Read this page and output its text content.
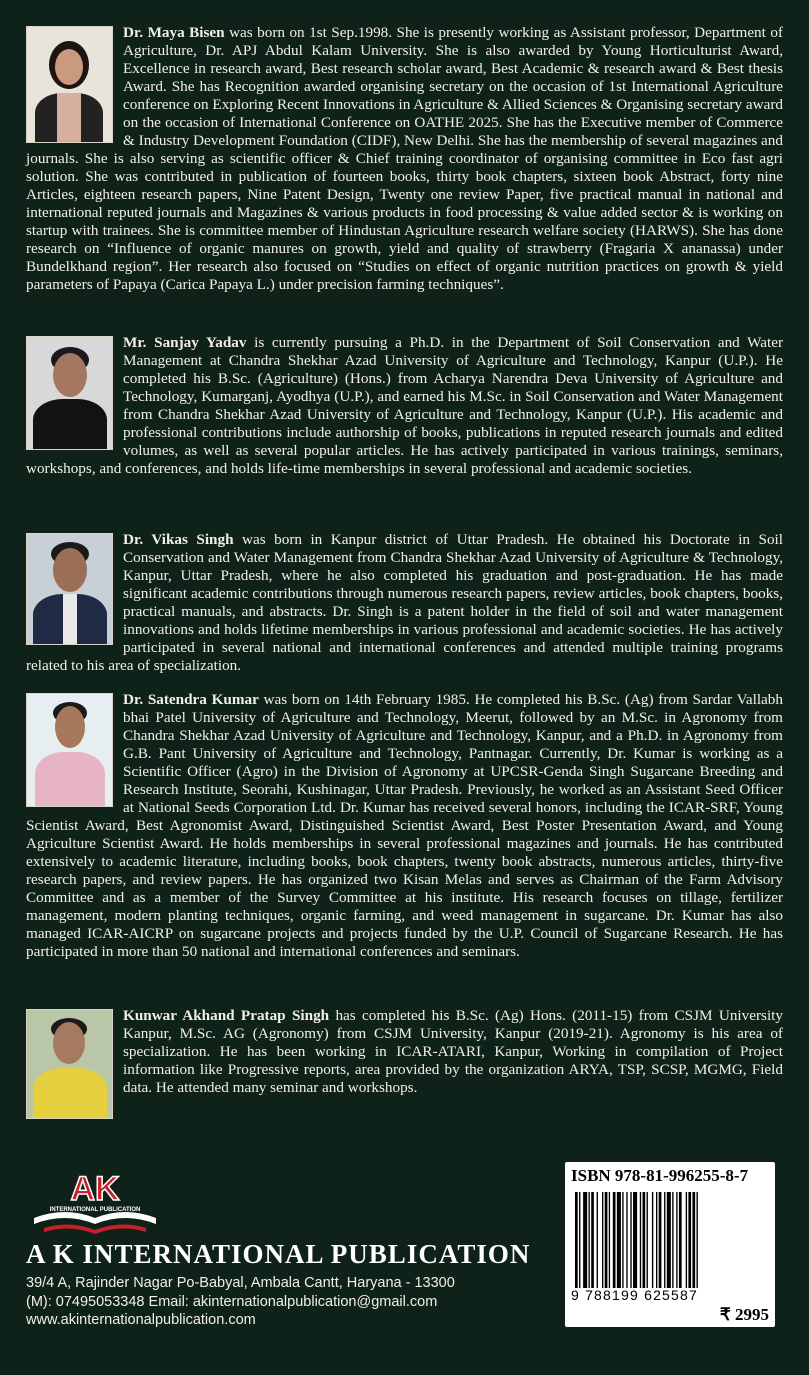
Dr. Maya Bisen was born on 1st Sep.1998. She is presently working as Assistant professor, Department of Agriculture, Dr. APJ Abdul Kalam University. She is also awarded by Young Horticulturist Award, Excellence in research award, Best research scholar award, Best Academic & research award & Best thesis Award. She has Recognition awarded organising secretary on the occasion of 1st International Agriculture conference on Exploring Recent Innovations in Agriculture & Allied Sciences & Organising secretary award on the occasion of International Conference on OATHE 2025. She has the Executive member of Commerce & Industry Development Foundation (CIDF), New Delhi. She has the membership of several magazines and journals. She is also serving as scientific officer & Chief training coordinator of organising committee in Eco fast agri solution. She was contributed in publication of fourteen books, thirty book chapters, sixteen book Abstract, forty nine Articles, eighteen research papers, Nine Patent Design, Twenty one review Paper, five practical manual in national and international reputed journals and Magazines & various products in food processing & value added sector & is working on startup with trainees. She is committee member of Hindustan Agriculture research welfare society (HARWS). She has done research on “Influence of organic manures on growth, yield and quality of strawberry (Fragaria X ananassa) under Bundelkhand region”. Her research also focused on “Studies on effect of organic nutrition practices on growth & yield parameters of Papaya (Carica Papaya L.) under precision farming techniques”.
Mr. Sanjay Yadav is currently pursuing a Ph.D. in the Department of Soil Conservation and Water Management at Chandra Shekhar Azad University of Agriculture and Technology, Kanpur (U.P.). He completed his B.Sc. (Agriculture) (Hons.) from Acharya Narendra Deva University of Agriculture and Technology, Kumarganj, Ayodhya (U.P.), and earned his M.Sc. in Soil Conservation and Water Management from Chandra Shekhar Azad University of Agriculture and Technology, Kanpur (U.P.). His academic and professional contributions include authorship of books, publications in reputed research journals and edited volumes, as well as several popular articles. He has actively participated in various trainings, seminars, workshops, and conferences, and holds life-time memberships in several professional and academic societies.
Dr. Vikas Singh was born in Kanpur district of Uttar Pradesh. He obtained his Doctorate in Soil Conservation and Water Management from Chandra Shekhar Azad University of Agriculture & Technology, Kanpur, Uttar Pradesh, where he also completed his graduation and post-graduation. He has made significant academic contributions through numerous research papers, review articles, book chapters, books, practical manuals, and abstracts. Dr. Singh is a patent holder in the field of soil and water management innovations and holds lifetime memberships in various professional and academic societies. He has actively participated in several national and international conferences and attended multiple training programs related to his area of specialization.
Dr. Satendra Kumar was born on 14th February 1985. He completed his B.Sc. (Ag) from Sardar Vallabh bhai Patel University of Agriculture and Technology, Meerut, followed by an M.Sc. in Agronomy from Chandra Shekhar Azad University of Agriculture and Technology, Kanpur, and a Ph.D. in Agronomy from G.B. Pant University of Agriculture and Technology, Pantnagar. Currently, Dr. Kumar is working as a Scientific Officer (Agro) in the Division of Agronomy at UPCSR-Genda Singh Sugarcane Breeding and Research Institute, Seorahi, Kushinagar, Uttar Pradesh. Previously, he worked as an Assistant Seed Officer at National Seeds Corporation Ltd. Dr. Kumar has received several honors, including the ICAR-SRF, Young Scientist Award, Best Agronomist Award, Distinguished Scientist Award, Best Poster Presentation Award, and Young Agriculture Scientist Award. He holds memberships in several professional magazines and journals. He has contributed extensively to academic literature, including books, book chapters, twenty book abstracts, numerous articles, thirty-five research papers, and review papers. He has organized two Kisan Melas and serves as Chairman of the Farm Advisory Committee and as a member of the Survey Committee at his institute. His research focuses on tillage, fertilizer management, modern planting techniques, organic farming, and weed management in sugarcane. Dr. Kumar has also managed ICAR-AICRP on sugarcane projects and projects funded by the U.P. Council of Sugarcane Research. He has participated in more than 50 national and international conferences and seminars.
Kunwar Akhand Pratap Singh has completed his B.Sc. (Ag) Hons. (2011-15) from CSJM University Kanpur, M.Sc. AG (Agronomy) from CSJM University, Kanpur (2019-21). Agronomy is his area of specialization. He has been working in ICAR-ATARI, Kanpur, Working in compilation of Project information like Progressive reports, area provided by the organization ARYA, TSP, SCSP, MGMG, Field data. He attended many seminar and workshops.
AK
INTERNATIONAL PUBLICATION
A K INTERNATIONAL PUBLICATION
39/4 A, Rajinder Nagar Po-Babyal, Ambala Cantt, Haryana - 13300
(M): 07495053348 Email: akinternationalpublication@gmail.com
www.akinternationalpublication.com
ISBN 978-81-996255-8-7
9 788199 625587
₹ 2995
